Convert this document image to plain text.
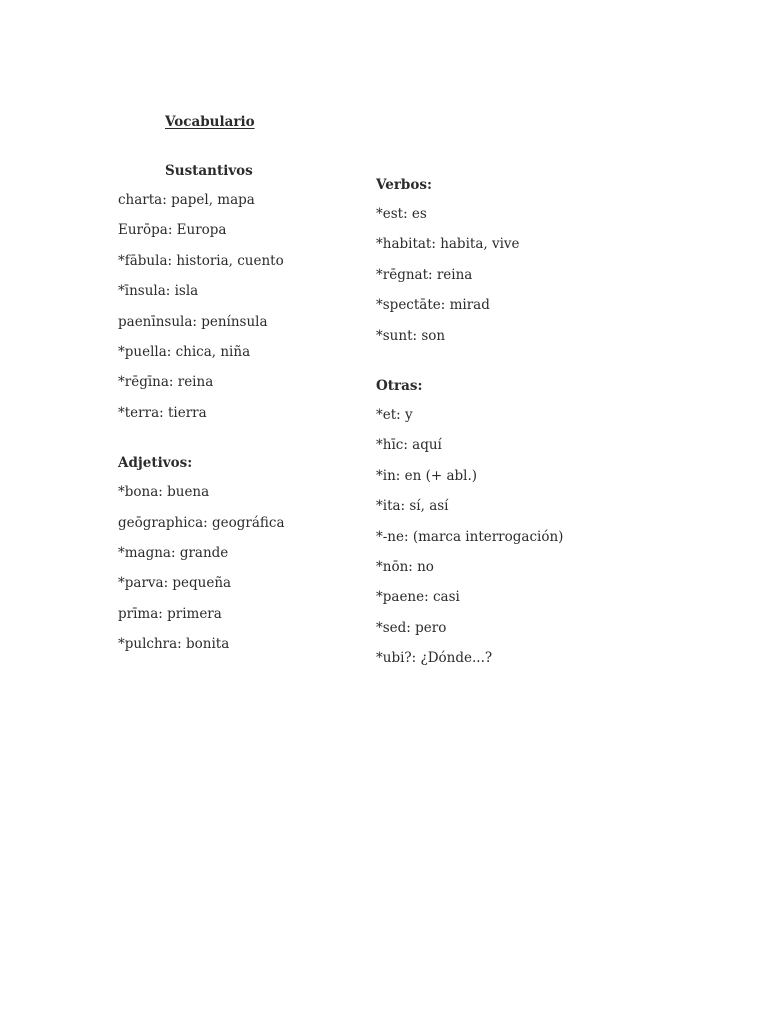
Vocabulario
Sustantivos
charta: papel, mapa
Eurōpa: Europa
*fābula: historia, cuento
*īnsula: isla
paenīnsula: península
*puella: chica, niña
*rēgīna: reina
*terra: tierra
Adjetivos:
*bona: buena
geōgraphica: geográfica
*magna: grande
*parva: pequeña
prīma: primera
*pulchra: bonita
Verbos:
*est: es
*habitat: habita, vive
*rēgnat: reina
*spectāte: mirad
*sunt: son
Otras:
*et: y
*hīc: aquí
*in: en (+ abl.)
*ita: sí, así
*-ne: (marca interrogación)
*nōn: no
*paene: casi
*sed: pero
*ubi?: ¿Dónde...?
